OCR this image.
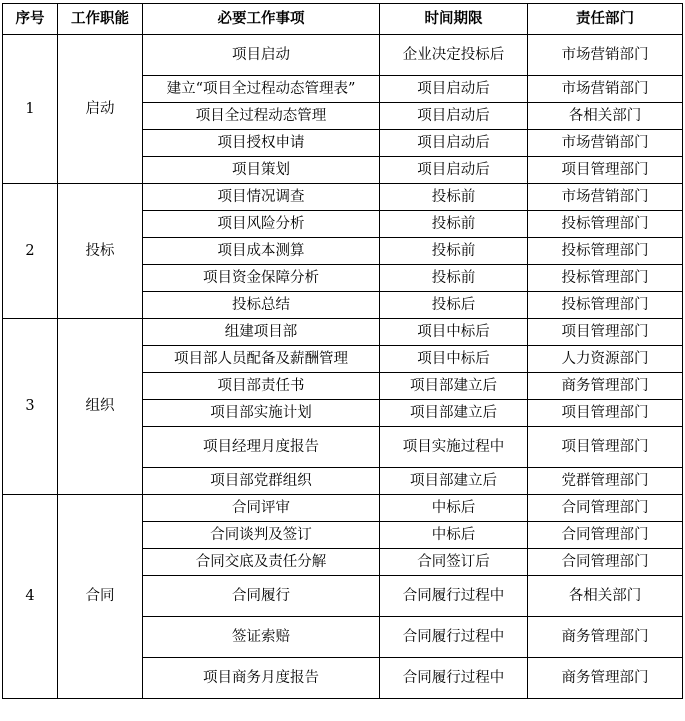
序号	工作职能	必要工作事项	时间期限	责任部门
1	启动	项目启动	企业决定投标后	市场营销部门
		建立“项目全过程动态管理表”	项目启动后	市场营销部门
		项目全过程动态管理	项目启动后	各相关部门
		项目授权申请	项目启动后	市场营销部门
		项目策划	项目启动后	项目管理部门
2	投标	项目情况调查	投标前	市场营销部门
		项目风险分析	投标前	投标管理部门
		项目成本测算	投标前	投标管理部门
		项目资金保障分析	投标前	投标管理部门
		投标总结	投标后	投标管理部门
3	组织	组建项目部	项目中标后	项目管理部门
		项目部人员配备及薪酬管理	项目中标后	人力资源部门
		项目部责任书	项目部建立后	商务管理部门
		项目部实施计划	项目部建立后	项目管理部门
		项目经理月度报告	项目实施过程中	项目管理部门
		项目部党群组织	项目部建立后	党群管理部门
4	合同	合同评审	中标后	合同管理部门
		合同谈判及签订	中标后	合同管理部门
		合同交底及责任分解	合同签订后	合同管理部门
		合同履行	合同履行过程中	各相关部门
		签证索赔	合同履行过程中	商务管理部门
		项目商务月度报告	合同履行过程中	商务管理部门
